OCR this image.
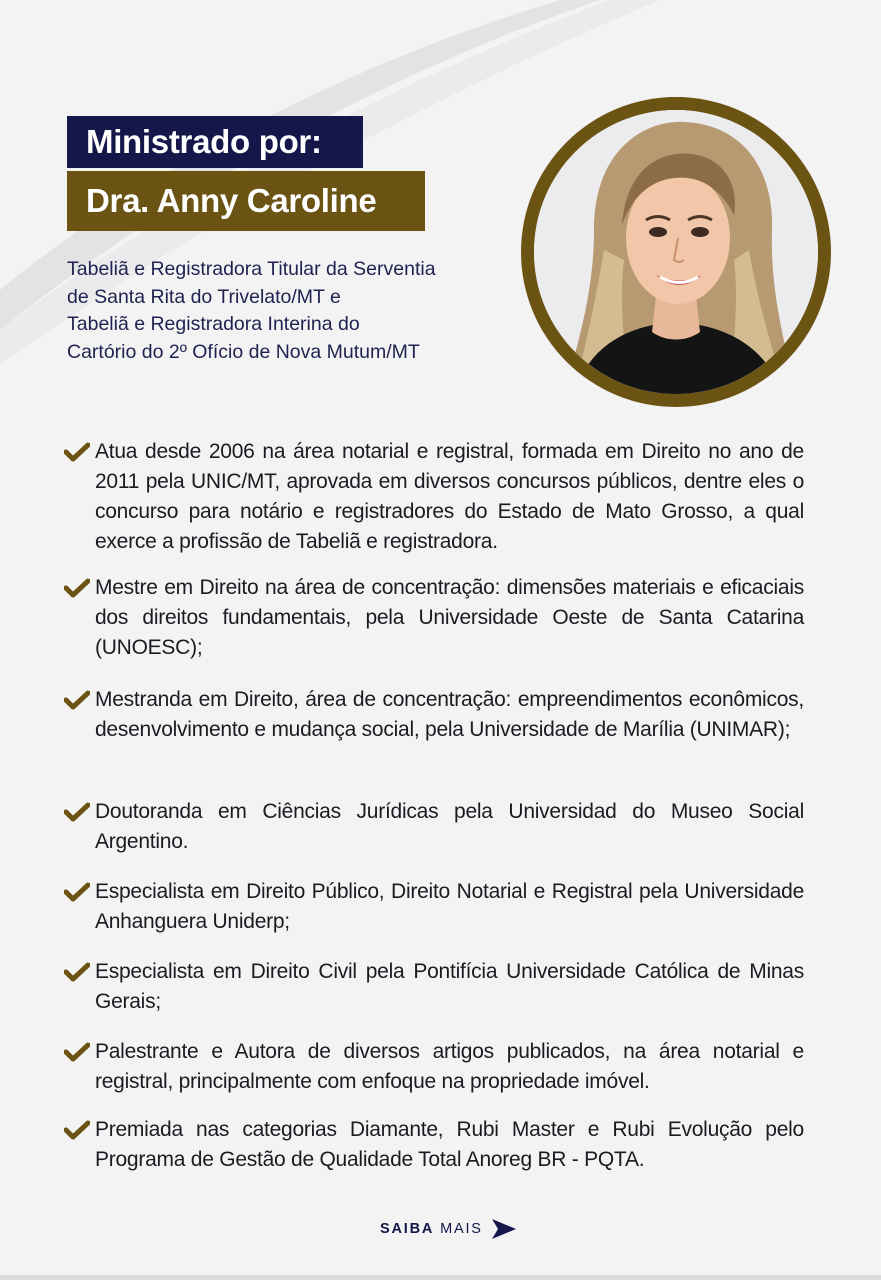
Ministrado por:
Dra. Anny Caroline

Tabeliã e Registradora Titular da Serventia
de Santa Rita do Trivelato/MT e
Tabeliã e Registradora Interina do
Cartório do 2º Ofício de Nova Mutum/MT

Atua desde 2006 na área notarial e registral, formada em Direito no ano de 2011 pela UNIC/MT, aprovada em diversos concursos públicos, dentre eles o concurso para notário e registradores do Estado de Mato Grosso, a qual exerce a profissão de Tabeliã e registradora.
Mestre em Direito na área de concentração: dimensões materiais e eficaciais dos direitos fundamentais, pela Universidade Oeste de Santa Catarina (UNOESC);
Mestranda em Direito, área de concentração: empreendimentos econômicos, desenvolvimento e mudança social, pela Universidade de Marília (UNIMAR);
Doutoranda em Ciências Jurídicas pela Universidad do Museo Social Argentino.
Especialista em Direito Público, Direito Notarial e Registral pela Universidade Anhanguera Uniderp;
Especialista em Direito Civil pela Pontifícia Universidade Católica de Minas Gerais;
Palestrante e Autora de diversos artigos publicados, na área notarial e registral, principalmente com enfoque na propriedade imóvel.
Premiada nas categorias Diamante, Rubi Master e Rubi Evolução pelo Programa de Gestão de Qualidade Total Anoreg BR - PQTA.
SAIBA MAIS
